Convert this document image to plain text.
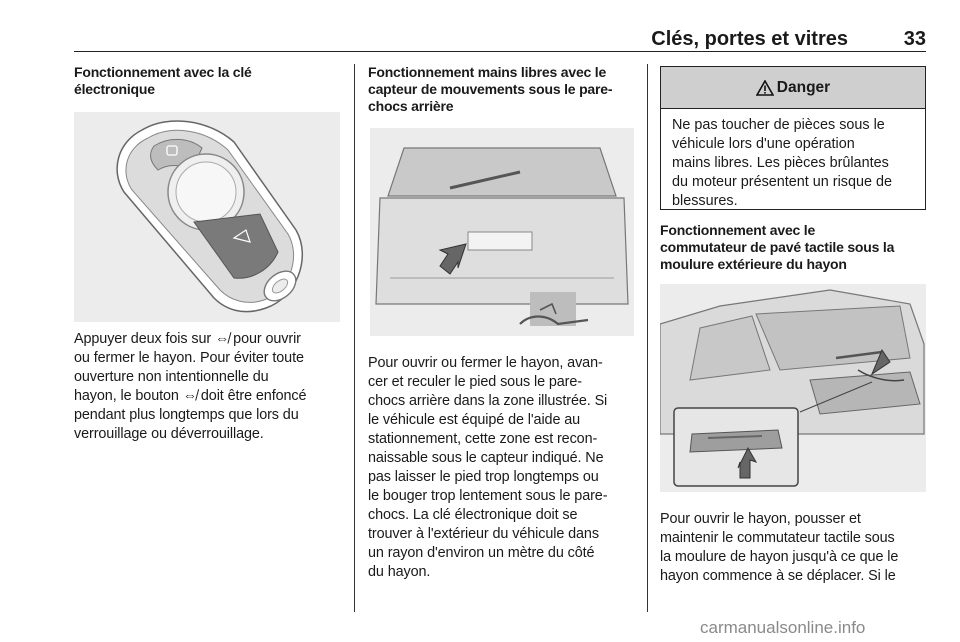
Clés, portes et vitres	33
Fonctionnement avec la clé
électronique
Appuyer deux fois sur ⇎ pour ouvrir
ou fermer le hayon. Pour éviter toute
ouverture non intentionnelle du
hayon, le bouton ⇎ doit être enfoncé
pendant plus longtemps que lors du
verrouillage ou déverrouillage.
Fonctionnement mains libres avec le
capteur de mouvements sous le pare-
chocs arrière
Pour ouvrir ou fermer le hayon, avan-
cer et reculer le pied sous le pare-
chocs arrière dans la zone illustrée. Si
le véhicule est équipé de l'aide au
stationnement, cette zone est recon-
naissable sous le capteur indiqué. Ne
pas laisser le pied trop longtemps ou
le bouger trop lentement sous le pare-
chocs. La clé électronique doit se
trouver à l'extérieur du véhicule dans
un rayon d'environ un mètre du côté
du hayon.
Danger
Ne pas toucher de pièces sous le
véhicule lors d'une opération
mains libres. Les pièces brûlantes
du moteur présentent un risque de
blessures.
Fonctionnement avec le
commutateur de pavé tactile sous la
moulure extérieure du hayon
Pour ouvrir le hayon, pousser et
maintenir le commutateur tactile sous
la moulure de hayon jusqu'à ce que le
hayon commence à se déplacer. Si le
carmanualsonline.info
